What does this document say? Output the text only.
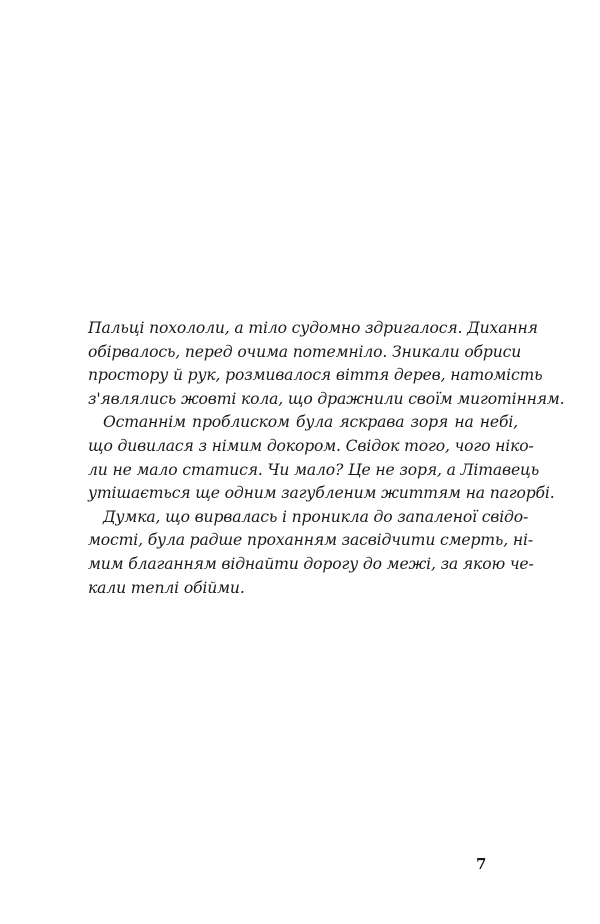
Пальці похололи, а тіло судомно здригалося. Дихання
обірвалось, перед очима потемніло. Зникали обриси
простору й рук, розмивалося віття дерев, натомість
з'являлись жовті кола, що дражнили своїм миготінням.
Останнім проблиском була яскрава зоря на небі,
що дивилася з німим докором. Свідок того, чого ніко-
ли не мало статися. Чи мало? Це не зоря, а Літавець
утішається ще одним загубленим життям на пагорбі.
Думка, що вирвалась і проникла до запаленої свідо-
мості, була радше проханням засвідчити смерть, ні-
мим благанням віднайти дорогу до межі, за якою че-
кали теплі обійми.
7
